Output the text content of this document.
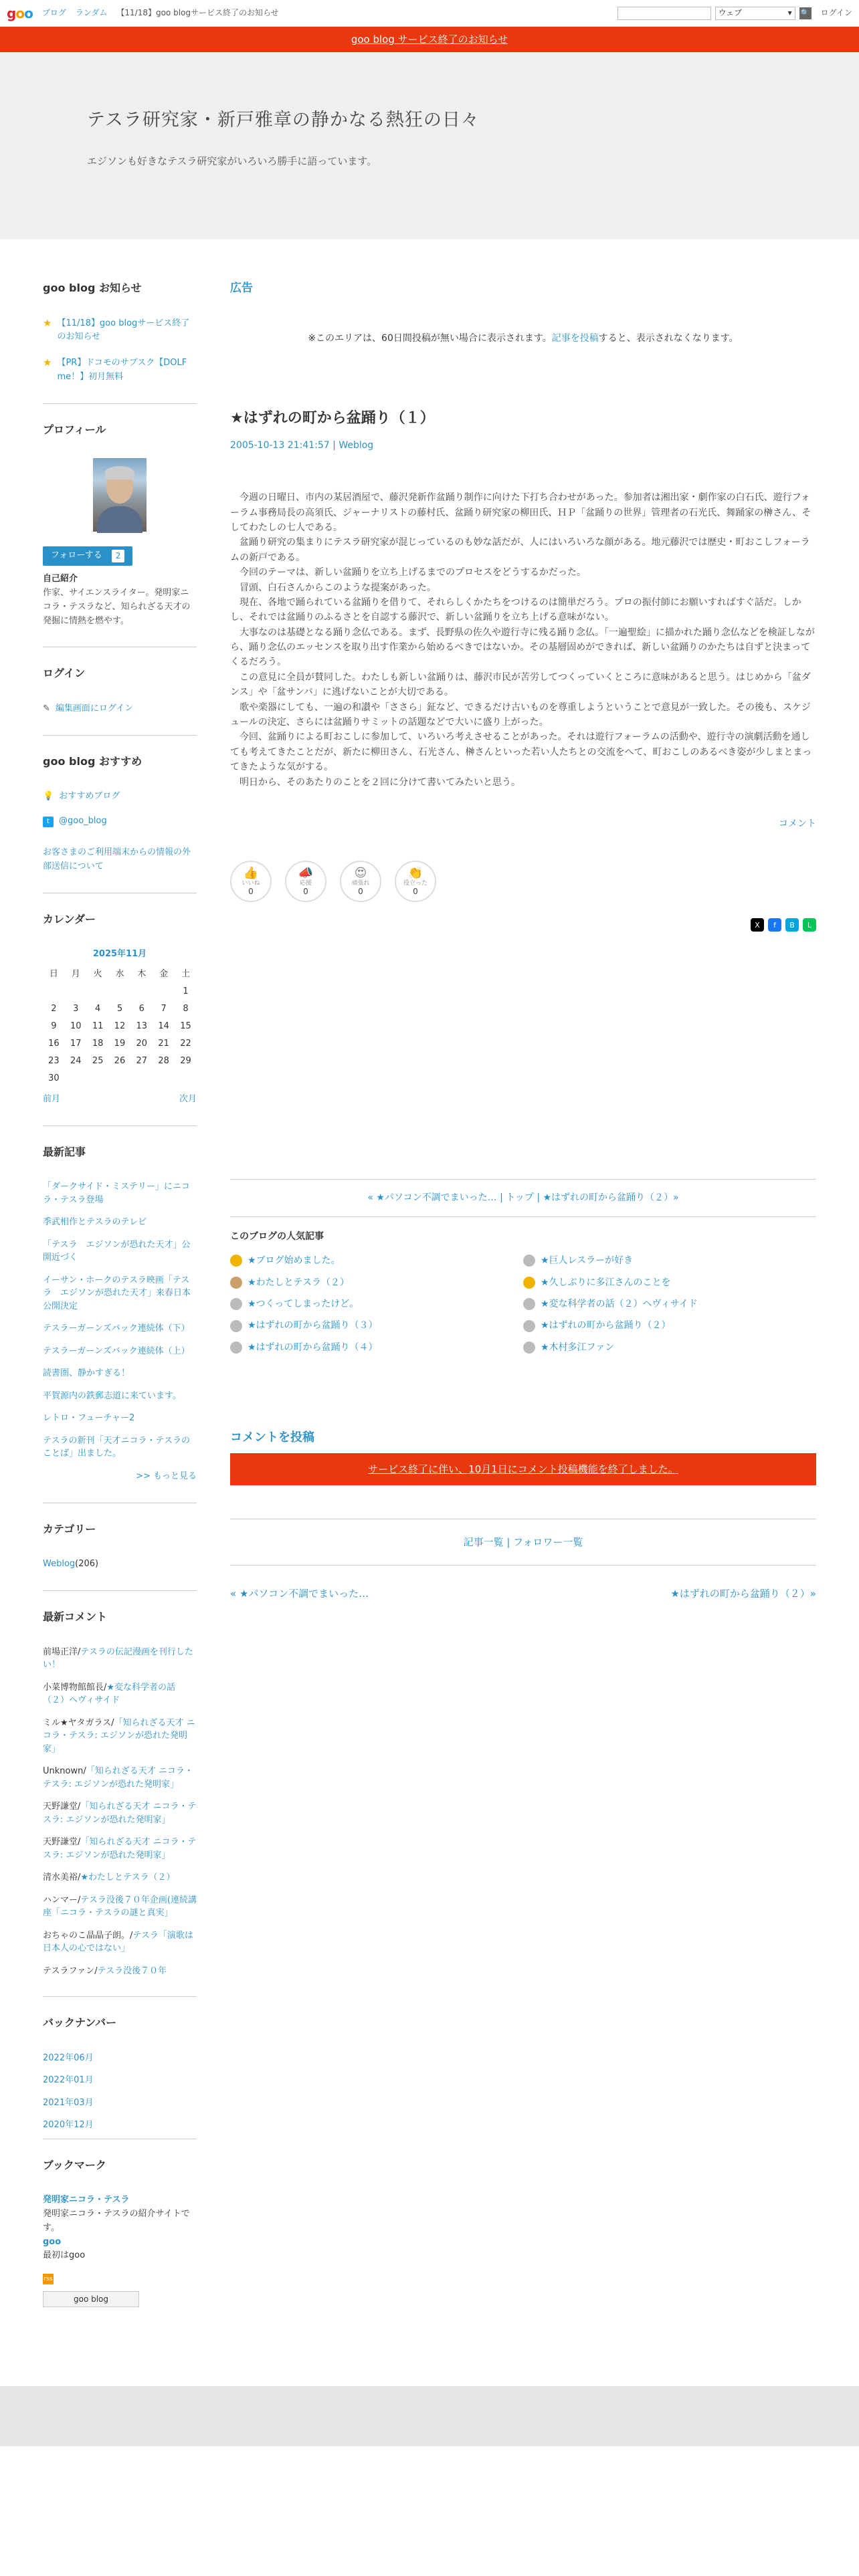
goo ブログ ランダム 【11/18】goo blogサービス終了のお知らせ	ウェブ	▾ 🔍 ログイン
goo blog サービス終了のお知らせ
テスラ研究家・新戸雅章の静かなる熱狂の日々

エジソンも好きなテスラ研究家がいろいろ勝手に語っています。

goo blog お知らせ
★ 【11/18】goo blogサービス終了のお知らせ
★ 【PR】ドコモのサブスク【DOLF me！】初月無料
プロフィール
フォローする	2
自己紹介
作家、サイエンスライター。発明家ニコラ・テスラなど、知られざる天才の発掘に情熱を燃やす。
ログイン
✎ 編集画面にログイン
goo blog おすすめ
💡 おすすめブログ
t	@goo_blog
お客さまのご利用端末からの情報の外部送信について
カレンダー
2025年11月
日	月	火	水	木	金	土
						1
2	3	4	5	6	7	8
9	10	11	12	13	14	15
16	17	18	19	20	21	22
23	24	25	26	27	28	29
30						
前月	次月
最新記事
「ダークサイド・ミステリー」にニコラ・テスラ登場
季武相作とテスラのテレビ
「テスラ　エジソンが恐れた天才」公開近づく
イーサン・ホークのテスラ映画「テスラ　エジソンが恐れた天才」来春日本公開決定
テスラーガーンズバック連続体（下）
テスラーガーンズバック連続体（上）
読書圏、静かすぎる！
平賀源内の鉄郵志道に来ています。
レトロ・フューチャー2
テスラの新刊「天才ニコラ・テスラのことば」出ました。
>> もっと見る
カテゴリー
Weblog(206)
最新コメント
前場正洋/テスラの伝記漫画を刊行したい！
小菜博物館館長/★変な科学者の話（２）ヘヴィサイド
ミル★ヤタガラス/「知られざる天才 ニコラ・テスラ: エジソンが恐れた発明家」
Unknown/「知られざる天才 ニコラ・テスラ: エジソンが恐れた発明家」
天野謙堂/「知られざる天才 ニコラ・テスラ: エジソンが恐れた発明家」
天野謙堂/「知られざる天才 ニコラ・テスラ: エジソンが恐れた発明家」
清水美裕/★わたしとテスラ（２）
ハンマー/テスラ没後７０年企画(連続講座「ニコラ・テスラの謎と真実」
おちゃのこ晶晶子朗。/テスラ「演歌は日本人の心ではない」
テスラファン/テスラ没後７０年
バックナンバー
2022年06月
2022年01月
2021年03月
2020年12月
ブックマーク
発明家ニコラ・テスラ
発明家ニコラ・テスラの紹介サイトです。
goo
最初はgoo
rss
goo blog
広告
※このエリアは、60日間投稿が無い場合に表示されます。記事を投稿すると、表示されなくなります。
★はずれの町から盆踊り（１）
2005-10-13 21:41:57 | Weblog

今週の日曜日、市内の某居酒屋で、藤沢発新作盆踊り制作に向けた下打ち合わせがあった。参加者は湘出家・劇作家の白石氏、遊行フォーラム事務局長の高須氏、ジャーナリストの藤村氏、盆踊り研究家の柳田氏、ＨＰ「盆踊りの世界」管理者の石光氏、舞踊家の榊さん、そしてわたしの七人である。

盆踊り研究の集まりにテスラ研究家が混じっているのも妙な話だが、人にはいろいろな顔がある。地元藤沢では歴史・町おこしフォーラムの新戸である。

今回のテーマは、新しい盆踊りを立ち上げるまでのプロセスをどうするかだった。

冒頭、白石さんからこのような提案があった。

現在、各地で踊られている盆踊りを借りて、それらしくかたちをつけるのは簡単だろう。プロの振付師にお願いすればすぐ話だ。しかし、それでは盆踊りのふるさとを自認する藤沢で、新しい盆踊りを立ち上げる意味がない。

大事なのは基礎となる踊り念仏である。まず、長野県の佐久や遊行寺に残る踊り念仏。「一遍聖絵」に描かれた踊り念仏などを検証しながら、踊り念仏のエッセンスを取り出す作業から始めるべきではないか。その基層固めができれば、新しい盆踊りのかたちは自ずと決まってくるだろう。

この意見に全員が賛同した。わたしも新しい盆踊りは、藤沢市民が苦労してつくっていくところに意味があると思う。はじめから「盆ダンス」や「盆サンバ」に逃げないことが大切である。

歌や楽器にしても、一遍の和讃や「ささら」鉦など、できるだけ古いものを尊重しようということで意見が一致した。その後も、スケジュールの決定、さらには盆踊りサミットの話題などで大いに盛り上がった。

今回、盆踊りによる町おこしに参加して、いろいろ考えさせることがあった。それは遊行フォーラムの活動や、遊行寺の演劇活動を通しても考えてきたことだが、新たに柳田さん、石光さん、榊さんといった若い人たちとの交流をへて、町おこしのあるべき姿が少しまとまってきたような気がする。

明日から、そのあたりのことを２回に分けて書いてみたいと思う。

コメント
👍
いいね
0
📣
応援
0
😍
頑張れ
0
👏
役立った
0
X	f	B	L
« ★パソコン不調でまいった… | トップ | ★はずれの町から盆踊り（２）»
このブログの人気記事
★ブログ始めました。	★巨人レスラーが好き
★わたしとテスラ（２）	★久しぶりに多江さんのことを
★つくってしまったけど。	★変な科学者の話（２）ヘヴィサイド
★はずれの町から盆踊り（３）	★はずれの町から盆踊り（２）
★はずれの町から盆踊り（４）	★木村多江ファン
コメントを投稿
サービス終了に伴い、10月1日にコメント投稿機能を終了しました。
記事一覧 | フォロワー一覧
« ★パソコン不調でまいった…	★はずれの町から盆踊り（２）»
